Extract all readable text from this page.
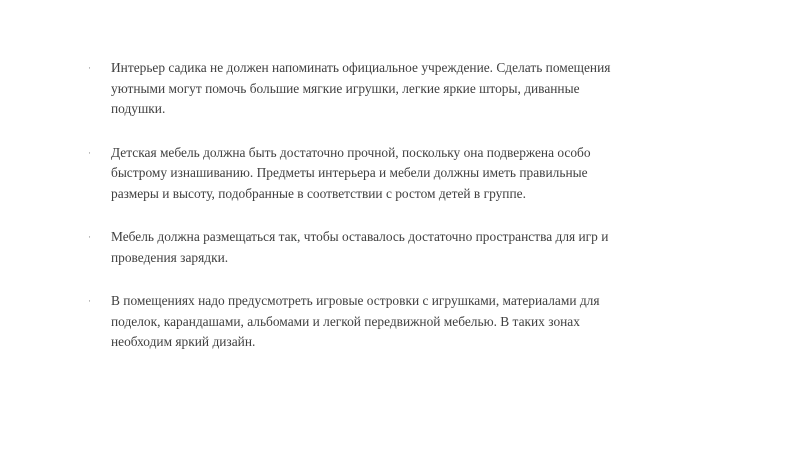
· Интерьер садика не должен напоминать официальное учреждение. Сделать помещения уютными могут помочь большие мягкие игрушки, легкие яркие шторы, диванные подушки.
· Детская мебель должна быть достаточно прочной, поскольку она подвержена особо быстрому изнашиванию. Предметы интерьера и мебели должны иметь правильные размеры и высоту, подобранные в соответствии с ростом детей в группе.
· Мебель должна размещаться так, чтобы оставалось достаточно пространства для игр и проведения зарядки.
· В помещениях надо предусмотреть игровые островки с игрушками, материалами для поделок, карандашами, альбомами и легкой передвижной мебелью. В таких зонах необходим яркий дизайн.
